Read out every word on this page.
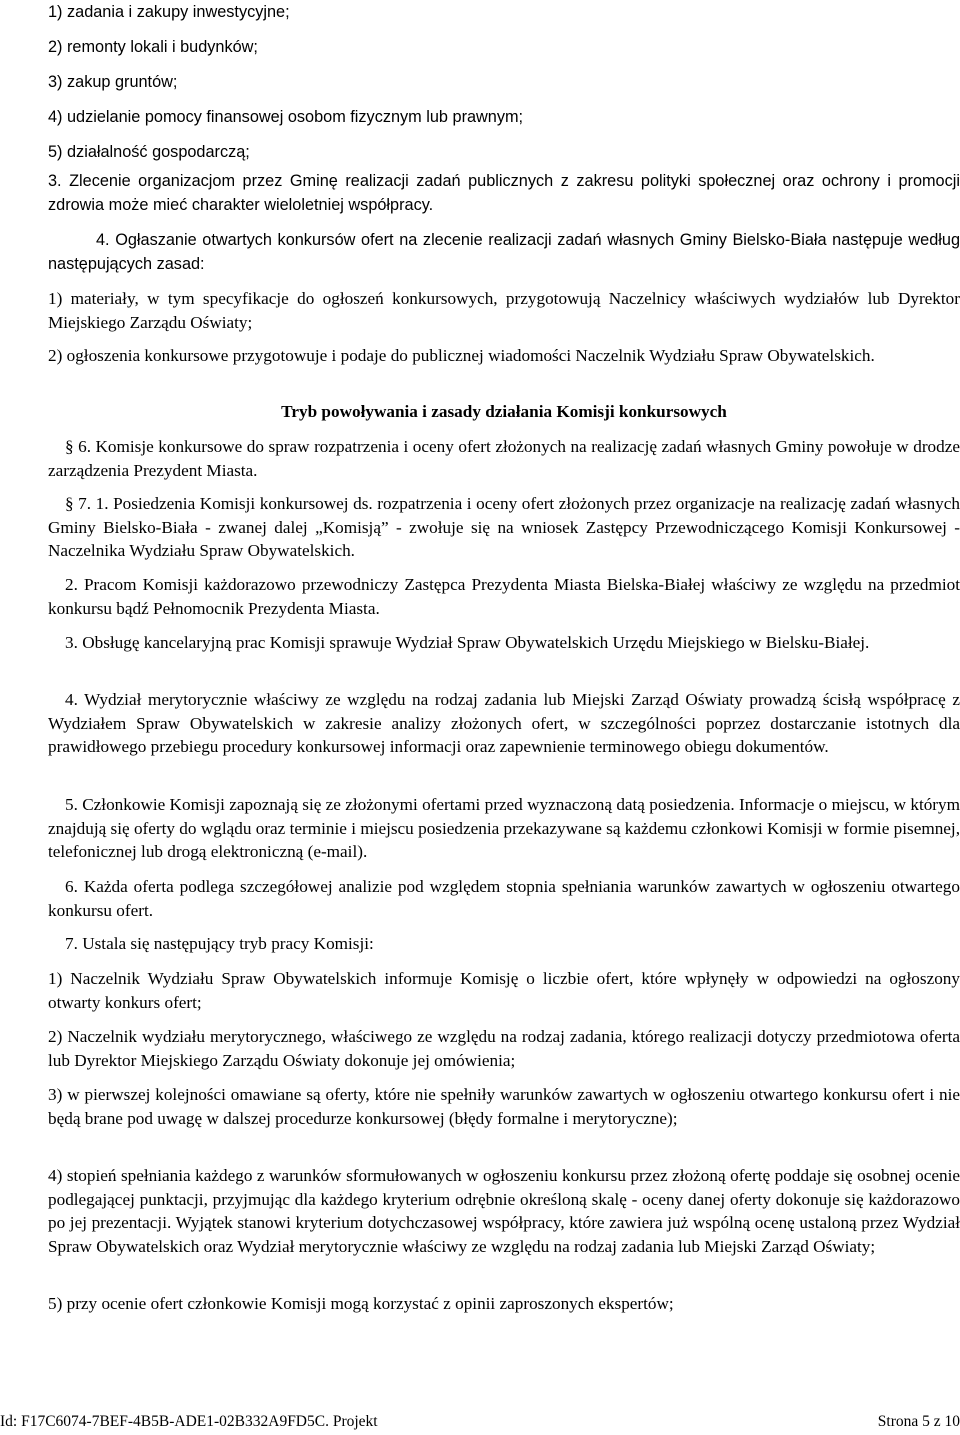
1) zadania i zakupy inwestycyjne;

2) remonty lokali i budynków;

3) zakup gruntów;

4) udzielanie pomocy finansowej osobom fizycznym lub prawnym;

5) działalność gospodarczą;

3. Zlecenie organizacjom przez Gminę realizacji zadań publicznych z zakresu polityki społecznej oraz ochrony i promocji zdrowia może mieć charakter wieloletniej współpracy.

4. Ogłaszanie otwartych konkursów ofert na zlecenie realizacji zadań własnych Gminy Bielsko-Biała następuje według następujących zasad:

1) materiały, w tym specyfikacje do ogłoszeń konkursowych, przygotowują Naczelnicy właściwych wydziałów lub Dyrektor Miejskiego Zarządu Oświaty;

2) ogłoszenia konkursowe przygotowuje i podaje do publicznej wiadomości Naczelnik Wydziału Spraw Obywatelskich.

Tryb powoływania i zasady działania Komisji konkursowych

§ 6. Komisje konkursowe do spraw rozpatrzenia i oceny ofert złożonych na realizację zadań własnych Gminy powołuje w drodze zarządzenia Prezydent Miasta.

§ 7. 1. Posiedzenia Komisji konkursowej ds. rozpatrzenia i oceny ofert złożonych przez organizacje na realizację zadań własnych Gminy Bielsko-Biała - zwanej dalej „Komisją” - zwołuje się na wniosek Zastępcy Przewodniczącego Komisji Konkursowej - Naczelnika Wydziału Spraw Obywatelskich.

2. Pracom Komisji każdorazowo przewodniczy Zastępca Prezydenta Miasta Bielska-Białej właściwy ze względu na przedmiot konkursu bądź Pełnomocnik Prezydenta Miasta.

3. Obsługę kancelaryjną prac Komisji sprawuje Wydział Spraw Obywatelskich Urzędu Miejskiego w Bielsku-Białej.

4. Wydział merytorycznie właściwy ze względu na rodzaj zadania lub Miejski Zarząd Oświaty prowadzą ścisłą współpracę z Wydziałem Spraw Obywatelskich w zakresie analizy złożonych ofert, w szczególności poprzez dostarczanie istotnych dla prawidłowego przebiegu procedury konkursowej informacji oraz zapewnienie terminowego obiegu dokumentów.

5. Członkowie Komisji zapoznają się ze złożonymi ofertami przed wyznaczoną datą posiedzenia. Informacje o miejscu, w którym znajdują się oferty do wglądu oraz terminie i miejscu posiedzenia przekazywane są każdemu członkowi Komisji w formie pisemnej, telefonicznej lub drogą elektroniczną (e-mail).

6. Każda oferta podlega szczegółowej analizie pod względem stopnia spełniania warunków zawartych w ogłoszeniu otwartego konkursu ofert.

7. Ustala się następujący tryb pracy Komisji:

1) Naczelnik Wydziału Spraw Obywatelskich informuje Komisję o liczbie ofert, które wpłynęły w odpowiedzi na ogłoszony otwarty konkurs ofert;

2) Naczelnik wydziału merytorycznego, właściwego ze względu na rodzaj zadania, którego realizacji dotyczy przedmiotowa oferta lub Dyrektor Miejskiego Zarządu Oświaty dokonuje jej omówienia;

3) w pierwszej kolejności omawiane są oferty, które nie spełniły warunków zawartych w ogłoszeniu otwartego konkursu ofert i nie będą brane pod uwagę w dalszej procedurze konkursowej (błędy formalne i merytoryczne);

4) stopień spełniania każdego z warunków sformułowanych w ogłoszeniu konkursu przez złożoną ofertę poddaje się osobnej ocenie podlegającej punktacji, przyjmując dla każdego kryterium odrębnie określoną skalę - oceny danej oferty dokonuje się każdorazowo po jej prezentacji. Wyjątek stanowi kryterium dotychczasowej współpracy, które zawiera już wspólną ocenę ustaloną przez Wydział Spraw Obywatelskich oraz Wydział merytorycznie właściwy ze względu na rodzaj zadania lub Miejski Zarząd Oświaty;

5) przy ocenie ofert członkowie Komisji mogą korzystać z opinii zaproszonych ekspertów;

Id: F17C6074-7BEF-4B5B-ADE1-02B332A9FD5C. Projekt	Strona 5 z 10
